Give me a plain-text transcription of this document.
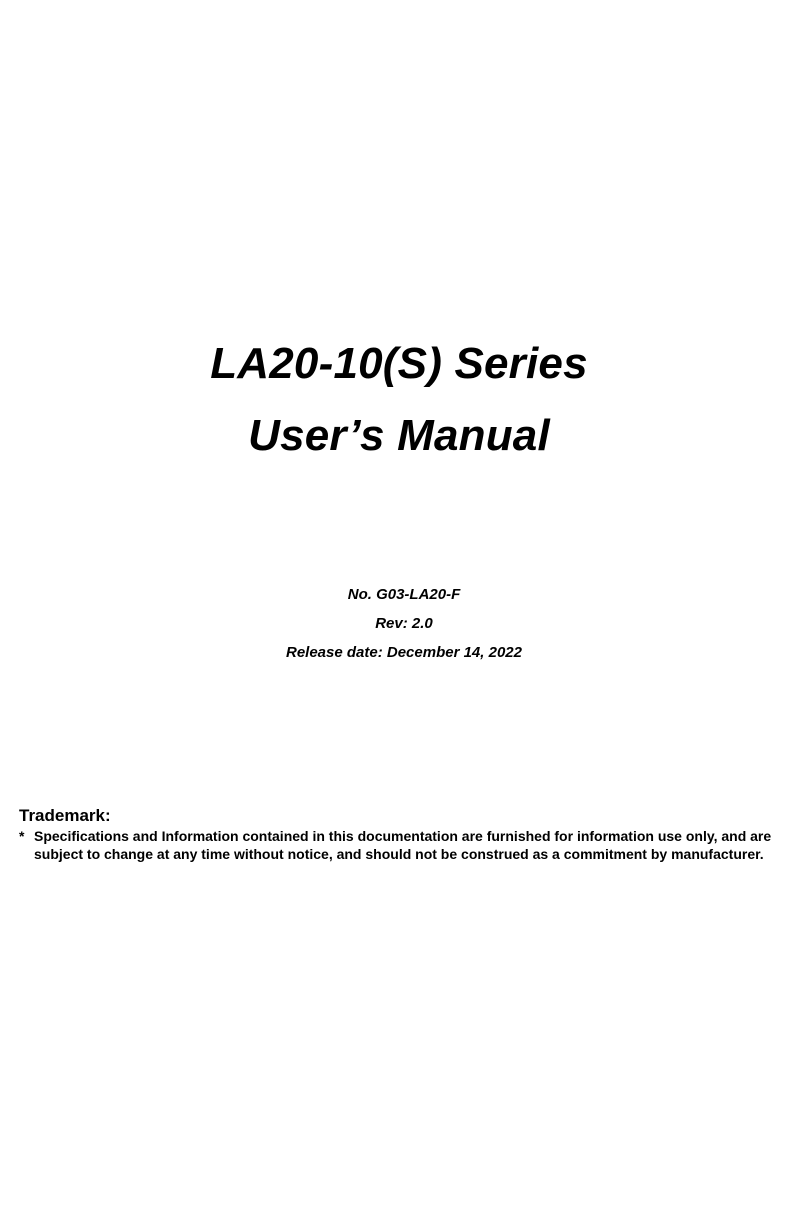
LA20-10(S) Series
User’s Manual
No. G03-LA20-F
Rev: 2.0
Release date: December 14, 2022
Trademark:
* Specifications and Information contained in this documentation are furnished for information use only, and are subject to change at any time without notice, and should not be construed as a commitment by manufacturer.
